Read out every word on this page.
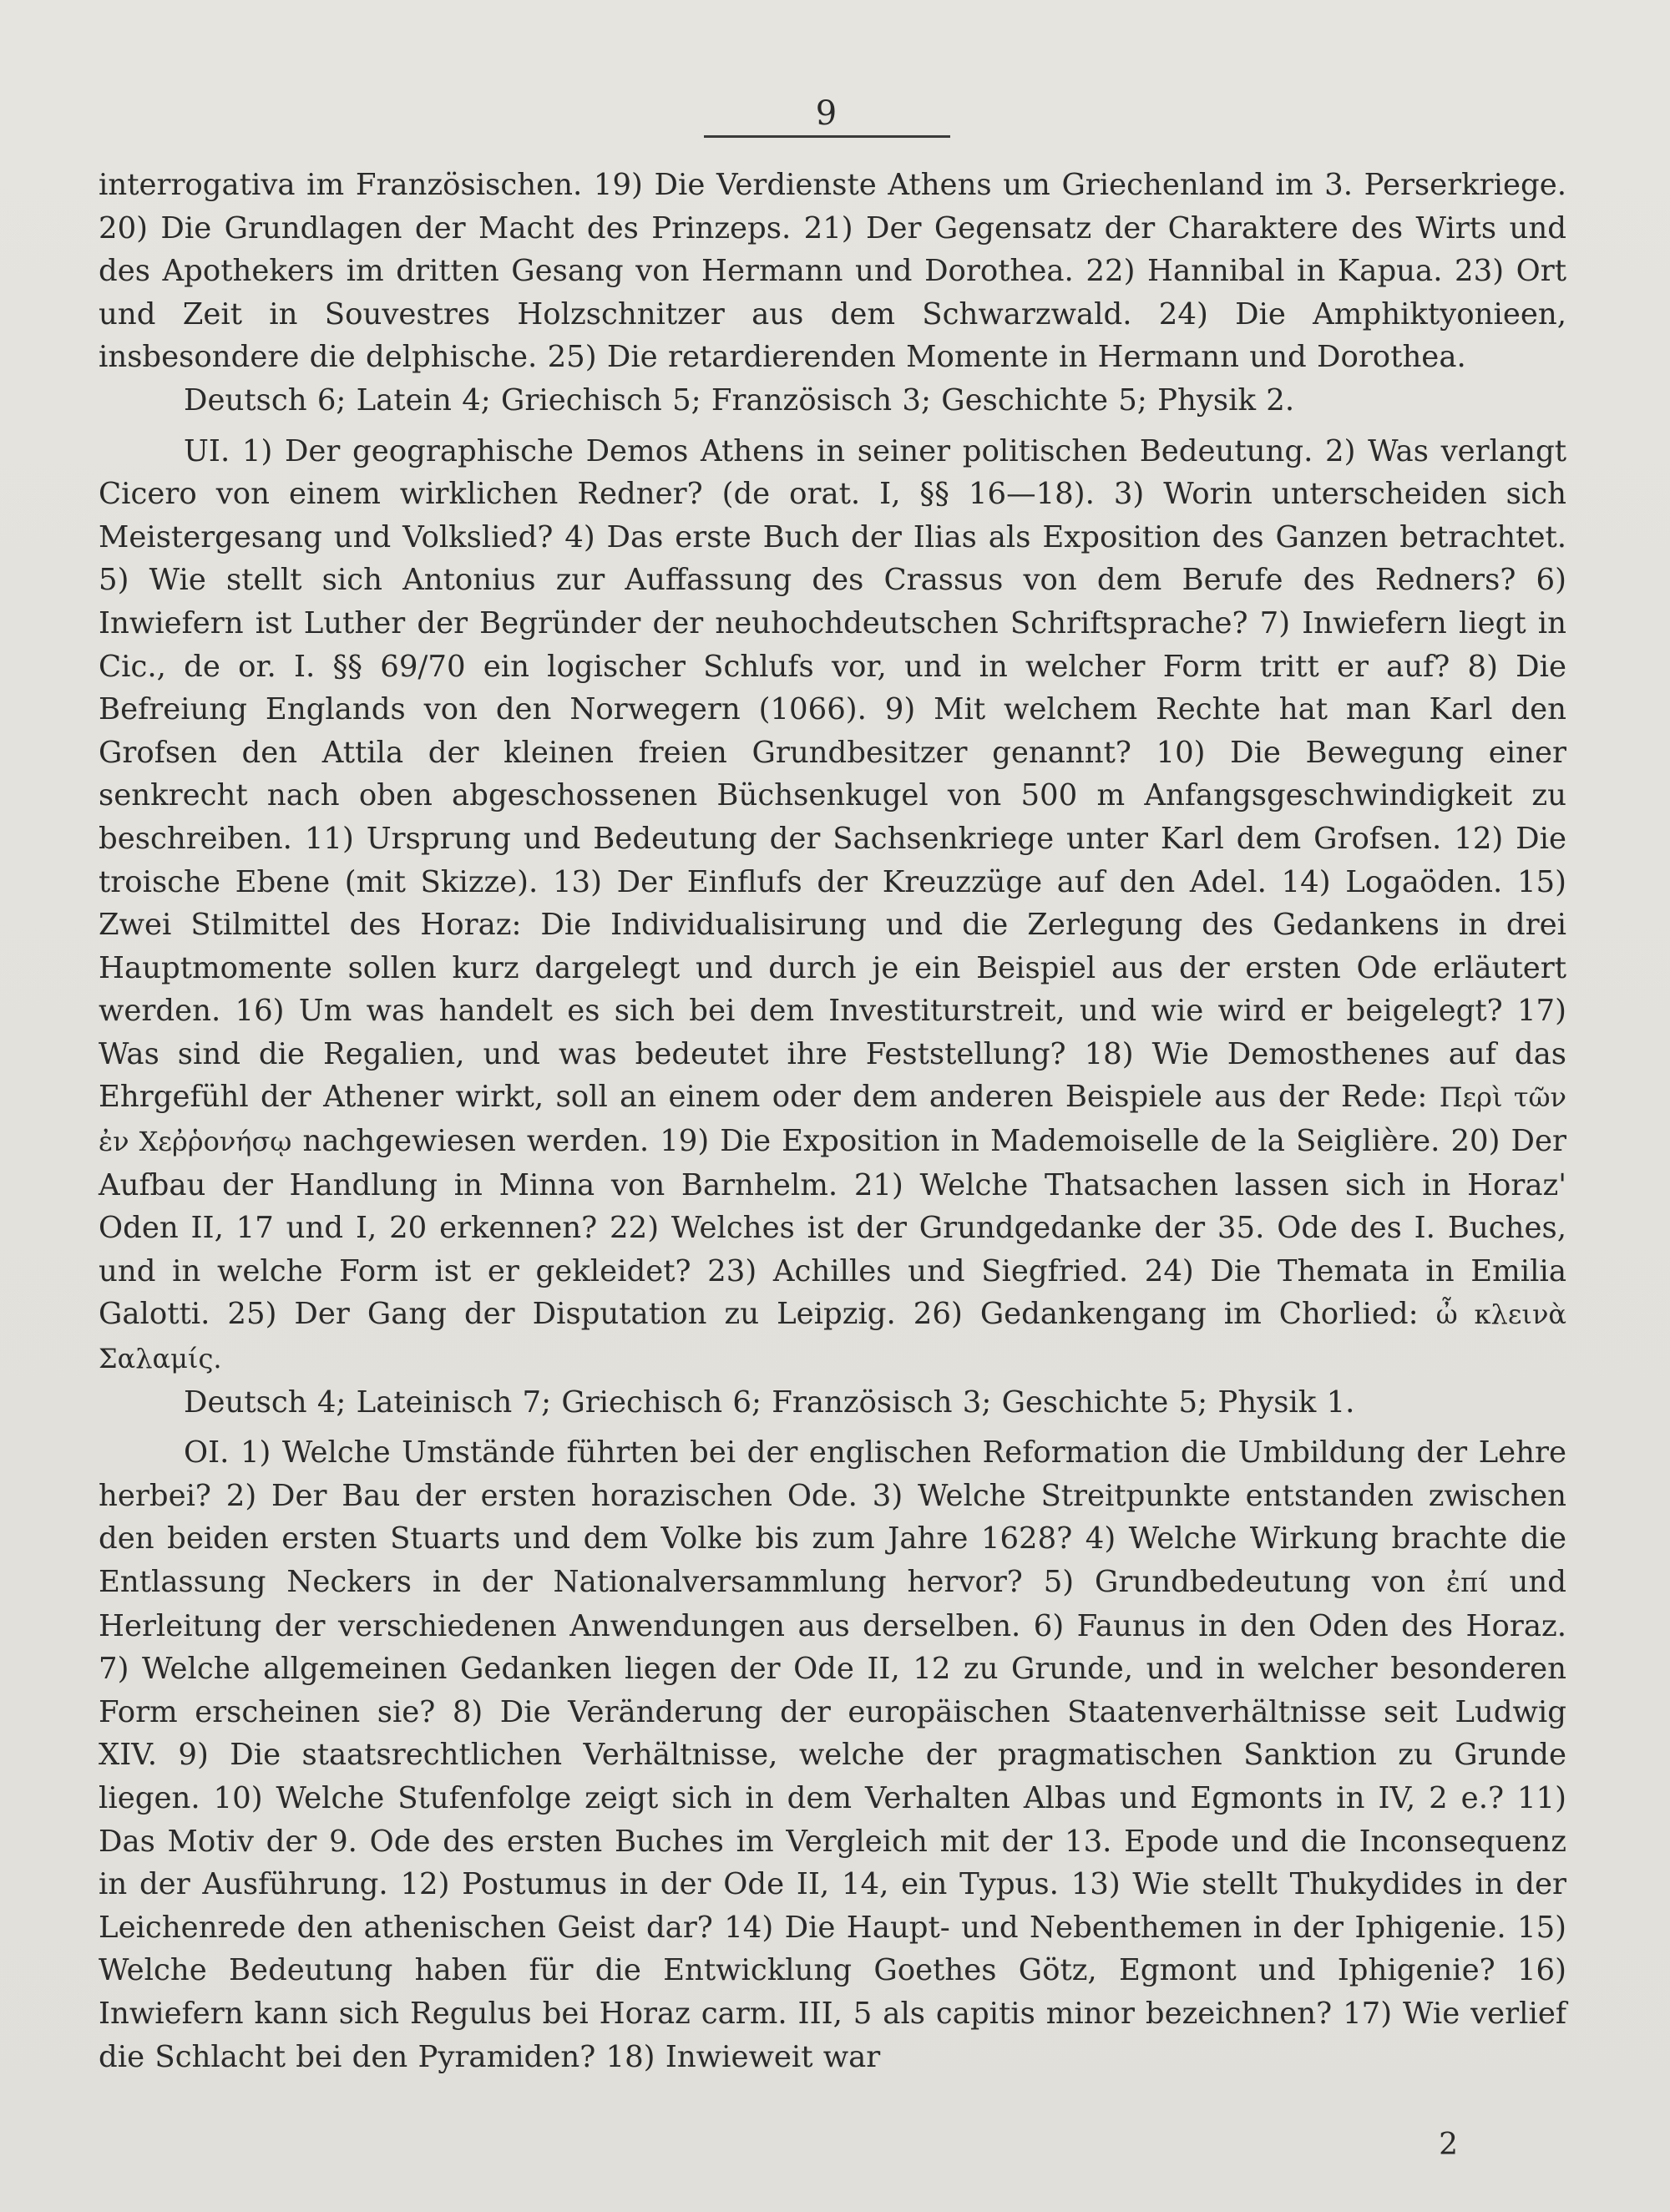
9

interrogativa im Französischen. 19) Die Verdienste Athens um Griechenland im 3. Perserkriege. 20) Die Grundlagen der Macht des Prinzeps. 21) Der Gegensatz der Charaktere des Wirts und des Apothekers im dritten Gesang von Hermann und Dorothea. 22) Hannibal in Kapua. 23) Ort und Zeit in Souvestres Holzschnitzer aus dem Schwarzwald. 24) Die Amphiktyonieen, insbesondere die delphische. 25) Die retardierenden Momente in Hermann und Dorothea.

Deutsch 6; Latein 4; Griechisch 5; Französisch 3; Geschichte 5; Physik 2.

UI. 1) Der geographische Demos Athens in seiner politischen Bedeutung. 2) Was verlangt Cicero von einem wirklichen Redner? (de orat. I, §§ 16—18). 3) Worin unterscheiden sich Meistergesang und Volkslied? 4) Das erste Buch der Ilias als Exposition des Ganzen betrachtet. 5) Wie stellt sich Antonius zur Auffassung des Crassus von dem Berufe des Redners? 6) Inwiefern ist Luther der Begründer der neuhochdeutschen Schriftsprache? 7) Inwiefern liegt in Cic., de or. I. §§ 69/70 ein logischer Schlufs vor, und in welcher Form tritt er auf? 8) Die Befreiung Englands von den Norwegern (1066). 9) Mit welchem Rechte hat man Karl den Grofsen den Attila der kleinen freien Grundbesitzer genannt? 10) Die Bewegung einer senkrecht nach oben abgeschossenen Büchsenkugel von 500 m Anfangsgeschwindigkeit zu beschreiben. 11) Ursprung und Bedeutung der Sachsenkriege unter Karl dem Grofsen. 12) Die troische Ebene (mit Skizze). 13) Der Einflufs der Kreuzzüge auf den Adel. 14) Logaöden. 15) Zwei Stilmittel des Horaz: Die Individualisirung und die Zerlegung des Gedankens in drei Hauptmomente sollen kurz dargelegt und durch je ein Beispiel aus der ersten Ode erläutert werden. 16) Um was handelt es sich bei dem Investiturstreit, und wie wird er beigelegt? 17) Was sind die Regalien, und was bedeutet ihre Feststellung? 18) Wie Demosthenes auf das Ehrgefühl der Athener wirkt, soll an einem oder dem anderen Beispiele aus der Rede: Περὶ τῶν ἐν Χεῤῥονήσῳ nachgewiesen werden. 19) Die Exposition in Mademoiselle de la Seiglière. 20) Der Aufbau der Handlung in Minna von Barnhelm. 21) Welche Thatsachen lassen sich in Horaz' Oden II, 17 und I, 20 erkennen? 22) Welches ist der Grundgedanke der 35. Ode des I. Buches, und in welche Form ist er gekleidet? 23) Achilles und Siegfried. 24) Die Themata in Emilia Galotti. 25) Der Gang der Disputation zu Leipzig. 26) Gedankengang im Chorlied: ὦ κλεινὰ Σαλαμίς.

Deutsch 4; Lateinisch 7; Griechisch 6; Französisch 3; Geschichte 5; Physik 1.

OI. 1) Welche Umstände führten bei der englischen Reformation die Umbildung der Lehre herbei? 2) Der Bau der ersten horazischen Ode. 3) Welche Streitpunkte entstanden zwischen den beiden ersten Stuarts und dem Volke bis zum Jahre 1628? 4) Welche Wirkung brachte die Entlassung Neckers in der Nationalversammlung hervor? 5) Grundbedeutung von ἐπί und Herleitung der verschiedenen Anwendungen aus derselben. 6) Faunus in den Oden des Horaz. 7) Welche allgemeinen Gedanken liegen der Ode II, 12 zu Grunde, und in welcher besonderen Form erscheinen sie? 8) Die Veränderung der europäischen Staatenverhältnisse seit Ludwig XIV. 9) Die staatsrechtlichen Verhältnisse, welche der pragmatischen Sanktion zu Grunde liegen. 10) Welche Stufenfolge zeigt sich in dem Verhalten Albas und Egmonts in IV, 2 e.? 11) Das Motiv der 9. Ode des ersten Buches im Vergleich mit der 13. Epode und die Inconsequenz in der Ausführung. 12) Postumus in der Ode II, 14, ein Typus. 13) Wie stellt Thukydides in der Leichenrede den athenischen Geist dar? 14) Die Haupt- und Nebenthemen in der Iphigenie. 15) Welche Bedeutung haben für die Entwicklung Goethes Götz, Egmont und Iphigenie? 16) Inwiefern kann sich Regulus bei Horaz carm. III, 5 als capitis minor bezeichnen? 17) Wie verlief die Schlacht bei den Pyramiden? 18) Inwieweit war

2
